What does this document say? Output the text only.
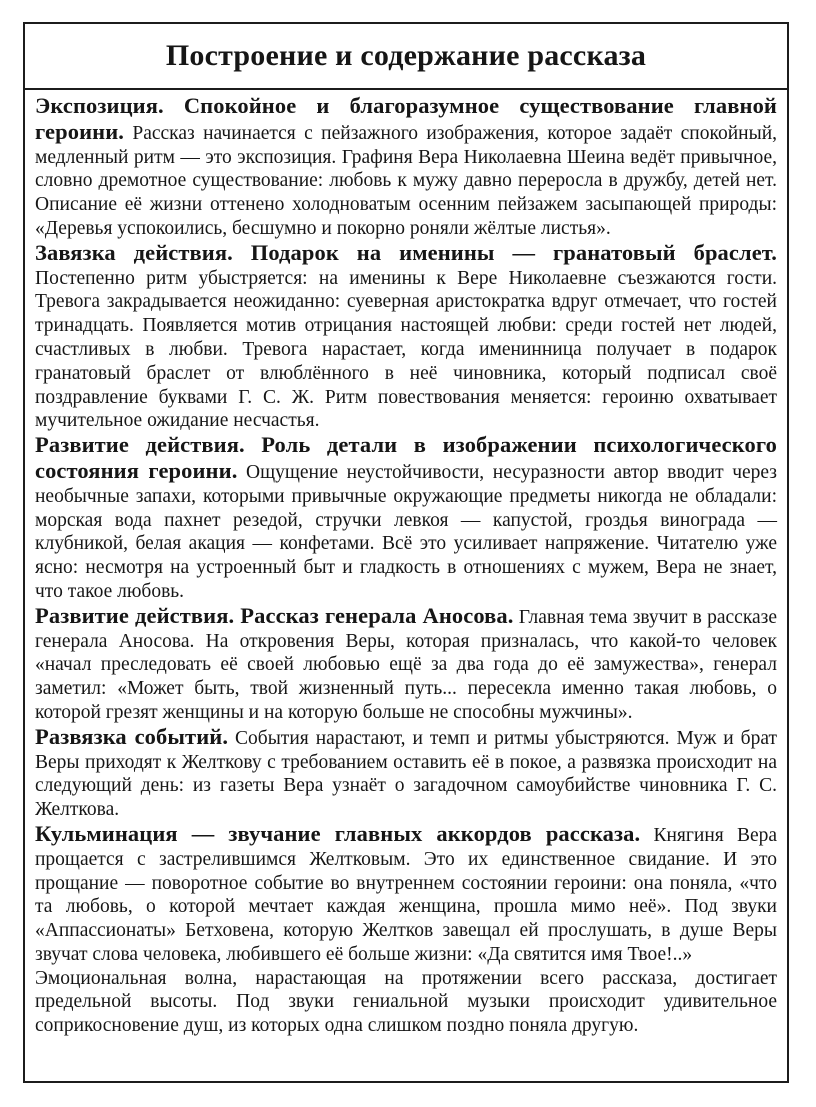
Построение и содержание рассказа

Экспозиция. Спокойное и благоразумное существование главной героини. Рассказ начинается с пейзажного изображения, которое задаёт спокойный, медленный ритм — это экспозиция. Графиня Вера Николаевна Шеина ведёт привычное, словно дремотное существование: любовь к мужу давно переросла в дружбу, детей нет. Описание её жизни оттенено холодноватым осенним пейзажем засыпающей природы: «Деревья успокоились, бесшумно и покорно роняли жёлтые листья».

Завязка действия. Подарок на именины — гранатовый браслет. Постепенно ритм убыстряется: на именины к Вере Николаевне съезжаются гости. Тревога закрадывается неожиданно: суеверная аристократка вдруг отмечает, что гостей тринадцать. Появляется мотив отрицания настоящей любви: среди гостей нет людей, счастливых в любви. Тревога нарастает, когда именинница получает в подарок гранатовый браслет от влюблённого в неё чиновника, который подписал своё поздравление буквами Г. С. Ж. Ритм повествования меняется: героиню охватывает мучительное ожидание несчастья.

Развитие действия. Роль детали в изображении психологического состояния героини. Ощущение неустойчивости, несуразности автор вводит через необычные запахи, которыми привычные окружающие предметы никогда не обладали: морская вода пахнет резедой, стручки левкоя — капустой, гроздья винограда — клубникой, белая акация — конфетами. Всё это усиливает напряжение. Читателю уже ясно: несмотря на устроенный быт и гладкость в отношениях с мужем, Вера не знает, что такое любовь.

Развитие действия. Рассказ генерала Аносова. Главная тема звучит в рассказе генерала Аносова. На откровения Веры, которая призналась, что какой-то человек «начал преследовать её своей любовью ещё за два года до её замужества», генерал заметил: «Может быть, твой жизненный путь... пересекла именно такая любовь, о которой грезят женщины и на которую больше не способны мужчины».

Развязка событий. События нарастают, и темп и ритмы убыстряются. Муж и брат Веры приходят к Желткову с требованием оставить её в покое, а развязка происходит на следующий день: из газеты Вера узнаёт о загадочном самоубийстве чиновника Г. С. Желткова.

Кульминация — звучание главных аккордов рассказа. Княгиня Вера прощается с застрелившимся Желтковым. Это их единственное свидание. И это прощание — поворотное событие во внутреннем состоянии героини: она поняла, «что та любовь, о которой мечтает каждая женщина, прошла мимо неё». Под звуки «Аппассионаты» Бетховена, которую Желтков завещал ей прослушать, в душе Веры звучат слова человека, любившего её больше жизни: «Да святится имя Твое!..»

Эмоциональная волна, нарастающая на протяжении всего рассказа, достигает предельной высоты. Под звуки гениальной музыки происходит удивительное соприкосновение душ, из которых одна слишком поздно поняла другую.
